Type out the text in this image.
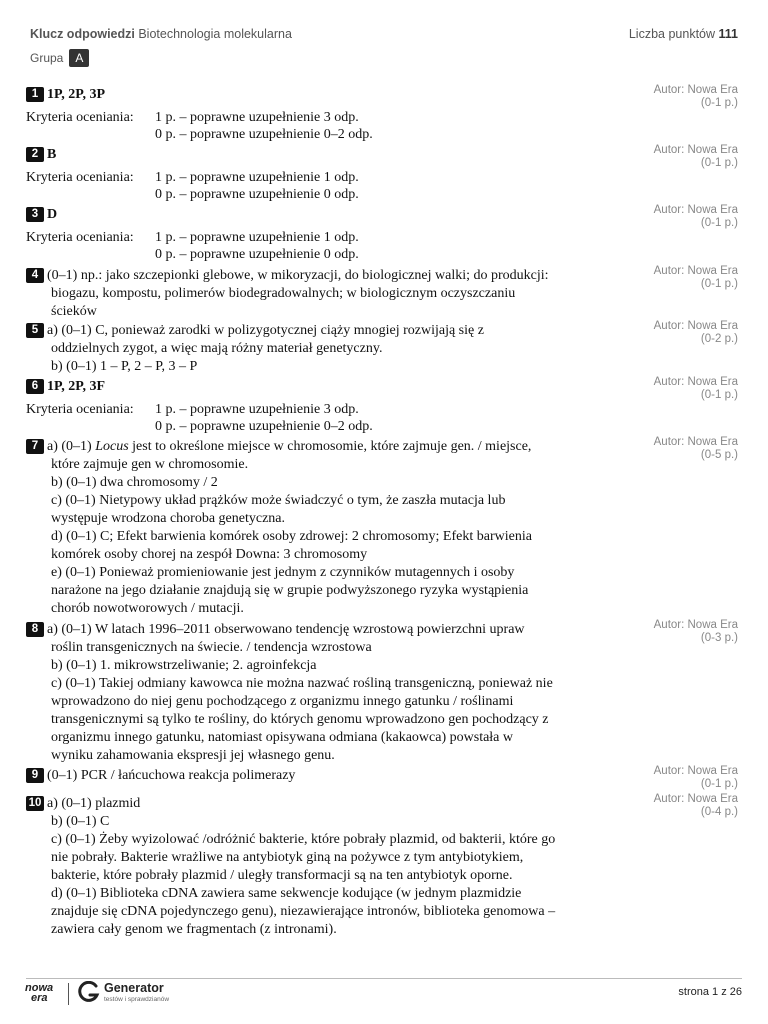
Klucz odpowiedzi Biotechnologia molekularna	Liczba punktów 111
Grupa A
1 1P, 2P, 3P
Kryteria oceniania:	1 p. – poprawne uzupełnienie 3 odp.
0 p. – poprawne uzupełnienie 0–2 odp.
Autor: Nowa Era
(0-1 p.)
2 B
Kryteria oceniania:	1 p. – poprawne uzupełnienie 1 odp.
0 p. – poprawne uzupełnienie 0 odp.
Autor: Nowa Era
(0-1 p.)
3 D
Kryteria oceniania:	1 p. – poprawne uzupełnienie 1 odp.
0 p. – poprawne uzupełnienie 0 odp.
Autor: Nowa Era
(0-1 p.)
4 (0–1) np.: jako szczepionki glebowe, w mikoryzacji, do biologicznej walki; do produkcji:
biogazu, kompostu, polimerów biodegradowalnych; w biologicznym oczyszczaniu
ścieków
Autor: Nowa Era
(0-1 p.)
5 a) (0–1) C, ponieważ zarodki w polizygotycznej ciąży mnogiej rozwijają się z
oddzielnych zygot, a więc mają różny materiał genetyczny.
b) (0–1) 1 – P, 2 – P, 3 – P
Autor: Nowa Era
(0-2 p.)
6 1P, 2P, 3F
Kryteria oceniania:	1 p. – poprawne uzupełnienie 3 odp.
0 p. – poprawne uzupełnienie 0–2 odp.
Autor: Nowa Era
(0-1 p.)
7 a) (0–1) Locus jest to określone miejsce w chromosomie, które zajmuje gen. / miejsce,
które zajmuje gen w chromosomie.
b) (0–1) dwa chromosomy / 2
c) (0–1) Nietypowy układ prążków może świadczyć o tym, że zaszła mutacja lub
występuje wrodzona choroba genetyczna.
d) (0–1) C; Efekt barwienia komórek osoby zdrowej: 2 chromosomy; Efekt barwienia
komórek osoby chorej na zespół Downa: 3 chromosomy
e) (0–1) Ponieważ promieniowanie jest jednym z czynników mutagennych i osoby
narażone na jego działanie znajdują się w grupie podwyższonego ryzyka wystąpienia
chorób nowotworowych / mutacji.
Autor: Nowa Era
(0-5 p.)
8 a) (0–1) W latach 1996–2011 obserwowano tendencję wzrostową powierzchni upraw
roślin transgenicznych na świecie. / tendencja wzrostowa
b) (0–1) 1. mikrowstrzeliwanie; 2. agroinfekcja
c) (0–1) Takiej odmiany kawowca nie można nazwać rośliną transgeniczną, ponieważ nie
wprowadzono do niej genu pochodzącego z organizmu innego gatunku / roślinami
transgenicznymi są tylko te rośliny, do których genomu wprowadzono gen pochodzący z
organizmu innego gatunku, natomiast opisywana odmiana (kakaowca) powstała w
wyniku zahamowania ekspresji jej własnego genu.
Autor: Nowa Era
(0-3 p.)
9 (0–1) PCR / łańcuchowa reakcja polimerazy	Autor: Nowa Era
(0-1 p.)
10 a) (0–1) plazmid
b) (0–1) C
c) (0–1) Żeby wyizolować /odróżnić bakterie, które pobrały plazmid, od bakterii, które go
nie pobrały. Bakterie wrażliwe na antybiotyk giną na pożywce z tym antybiotykiem,
bakterie, które pobrały plazmid / uległy transformacji są na ten antybiotyk oporne.
d) (0–1) Biblioteka cDNA zawiera same sekwencje kodujące (w jednym plazmidzie
znajduje się cDNA pojedynczego genu), niezawierające intronów, biblioteka genomowa –
zawiera cały genom we fragmentach (z intronami).
Autor: Nowa Era
(0-4 p.)
nowa
era
Generator
testów i sprawdzianów
strona 1 z 26
